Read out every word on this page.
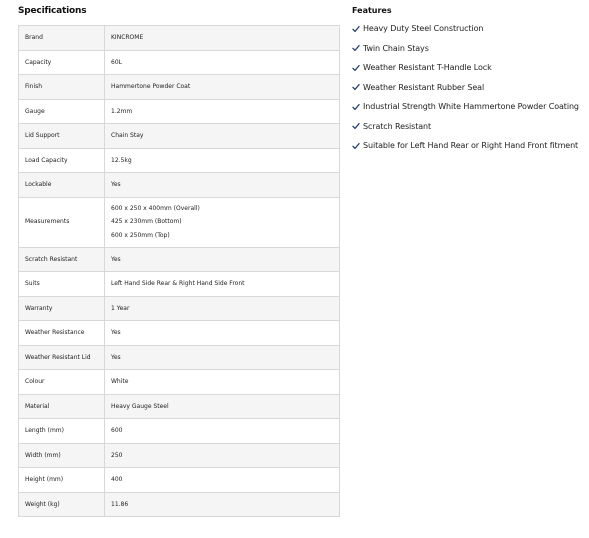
Specifications
Brand	KINCROME
Capacity	60L
Finish	Hammertone Powder Coat
Gauge	1.2mm
Lid Support	Chain Stay
Load Capacity	12.5kg
Lockable	Yes
Measurements	600 x 250 x 400mm (Overall)
425 x 230mm (Bottom)
600 x 250mm (Top)

Scratch Resistant	Yes
Suits	Left Hand Side Rear & Right Hand Side Front
Warranty	1 Year
Weather Resistance	Yes
Weather Resistant Lid	Yes
Colour	White
Material	Heavy Gauge Steel
Length (mm)	600
Width (mm)	250
Height (mm)	400
Weight (kg)	11.86
Features
Heavy Duty Steel Construction
Twin Chain Stays
Weather Resistant T-Handle Lock
Weather Resistant Rubber Seal
Industrial Strength White Hammertone Powder Coating
Scratch Resistant
Suitable for Left Hand Rear or Right Hand Front fitment
